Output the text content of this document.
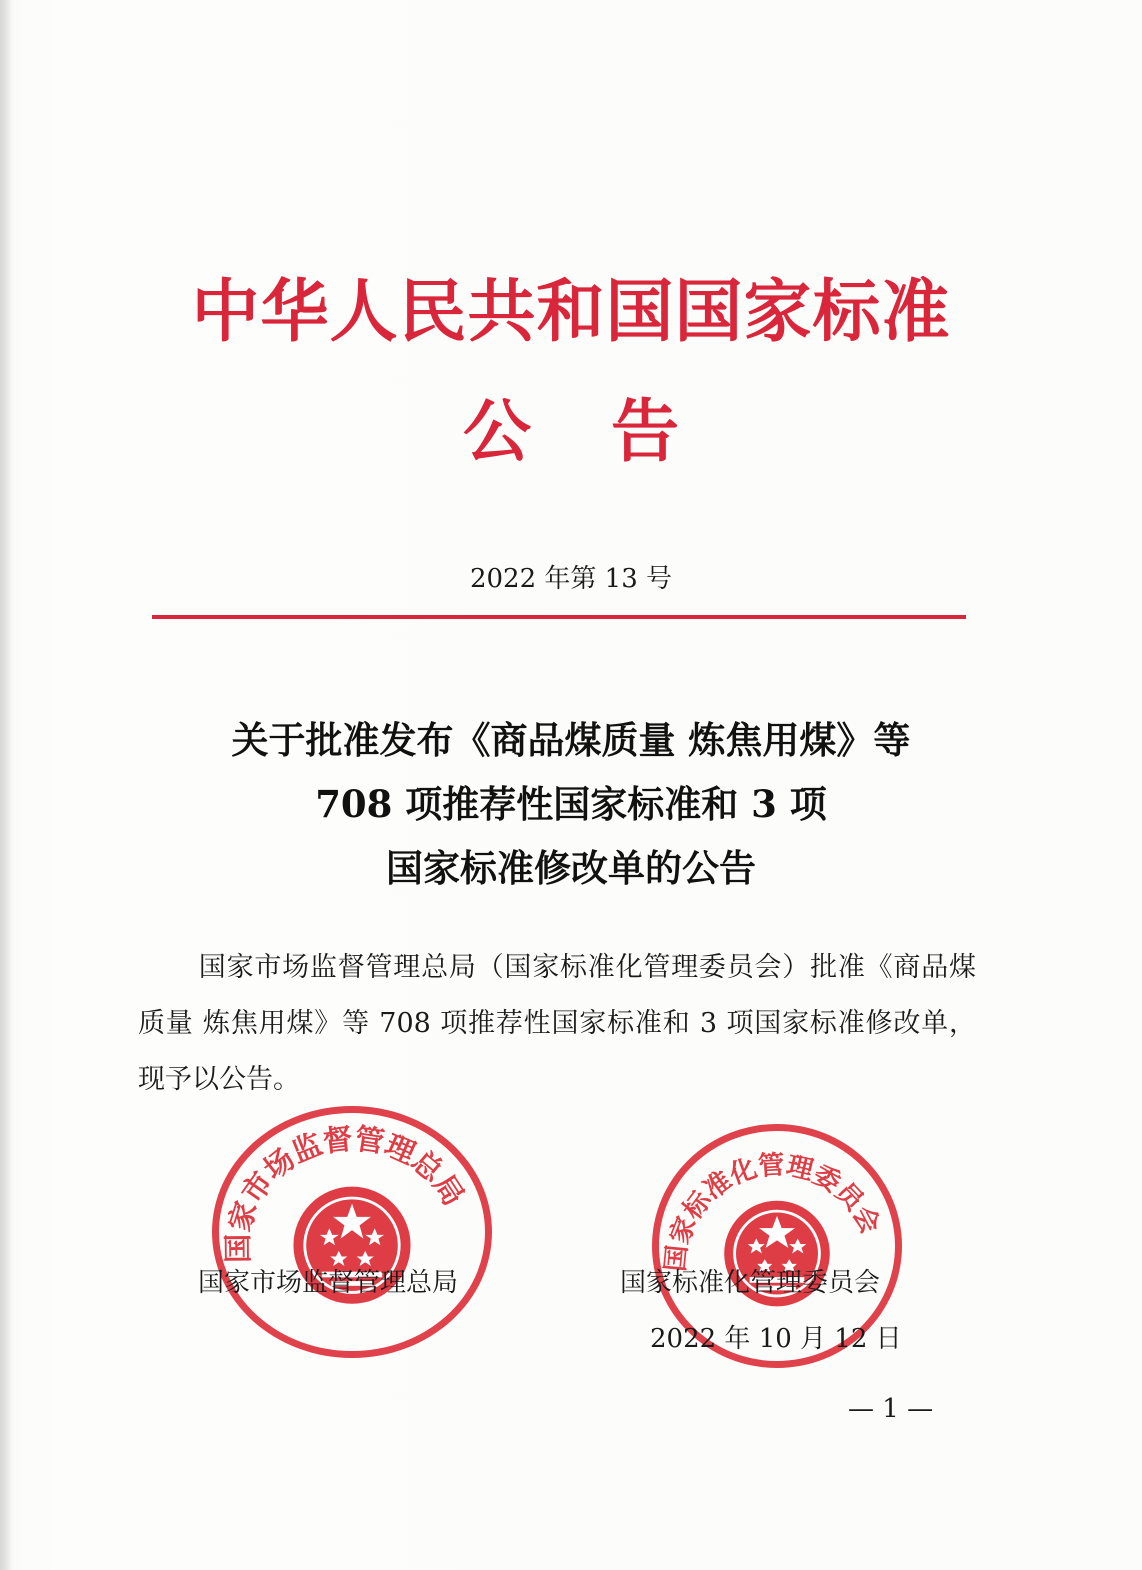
中华人民共和国国家标准
公告
2022 年第 13 号
关于批准发布《商品煤质量 炼焦用煤》等
708 项推荐性国家标准和 3 项
国家标准修改单的公告
国家市场监督管理总局（国家标准化管理委员会）批准《商品煤质量 炼焦用煤》等 708 项推荐性国家标准和 3 项国家标准修改单，现予以公告。
国家市场监督管理总局
国家标准化管理委员会
国家市场监督管理总局	国家标准化管理委员会
2022 年 10 月 12 日
— 1 —
